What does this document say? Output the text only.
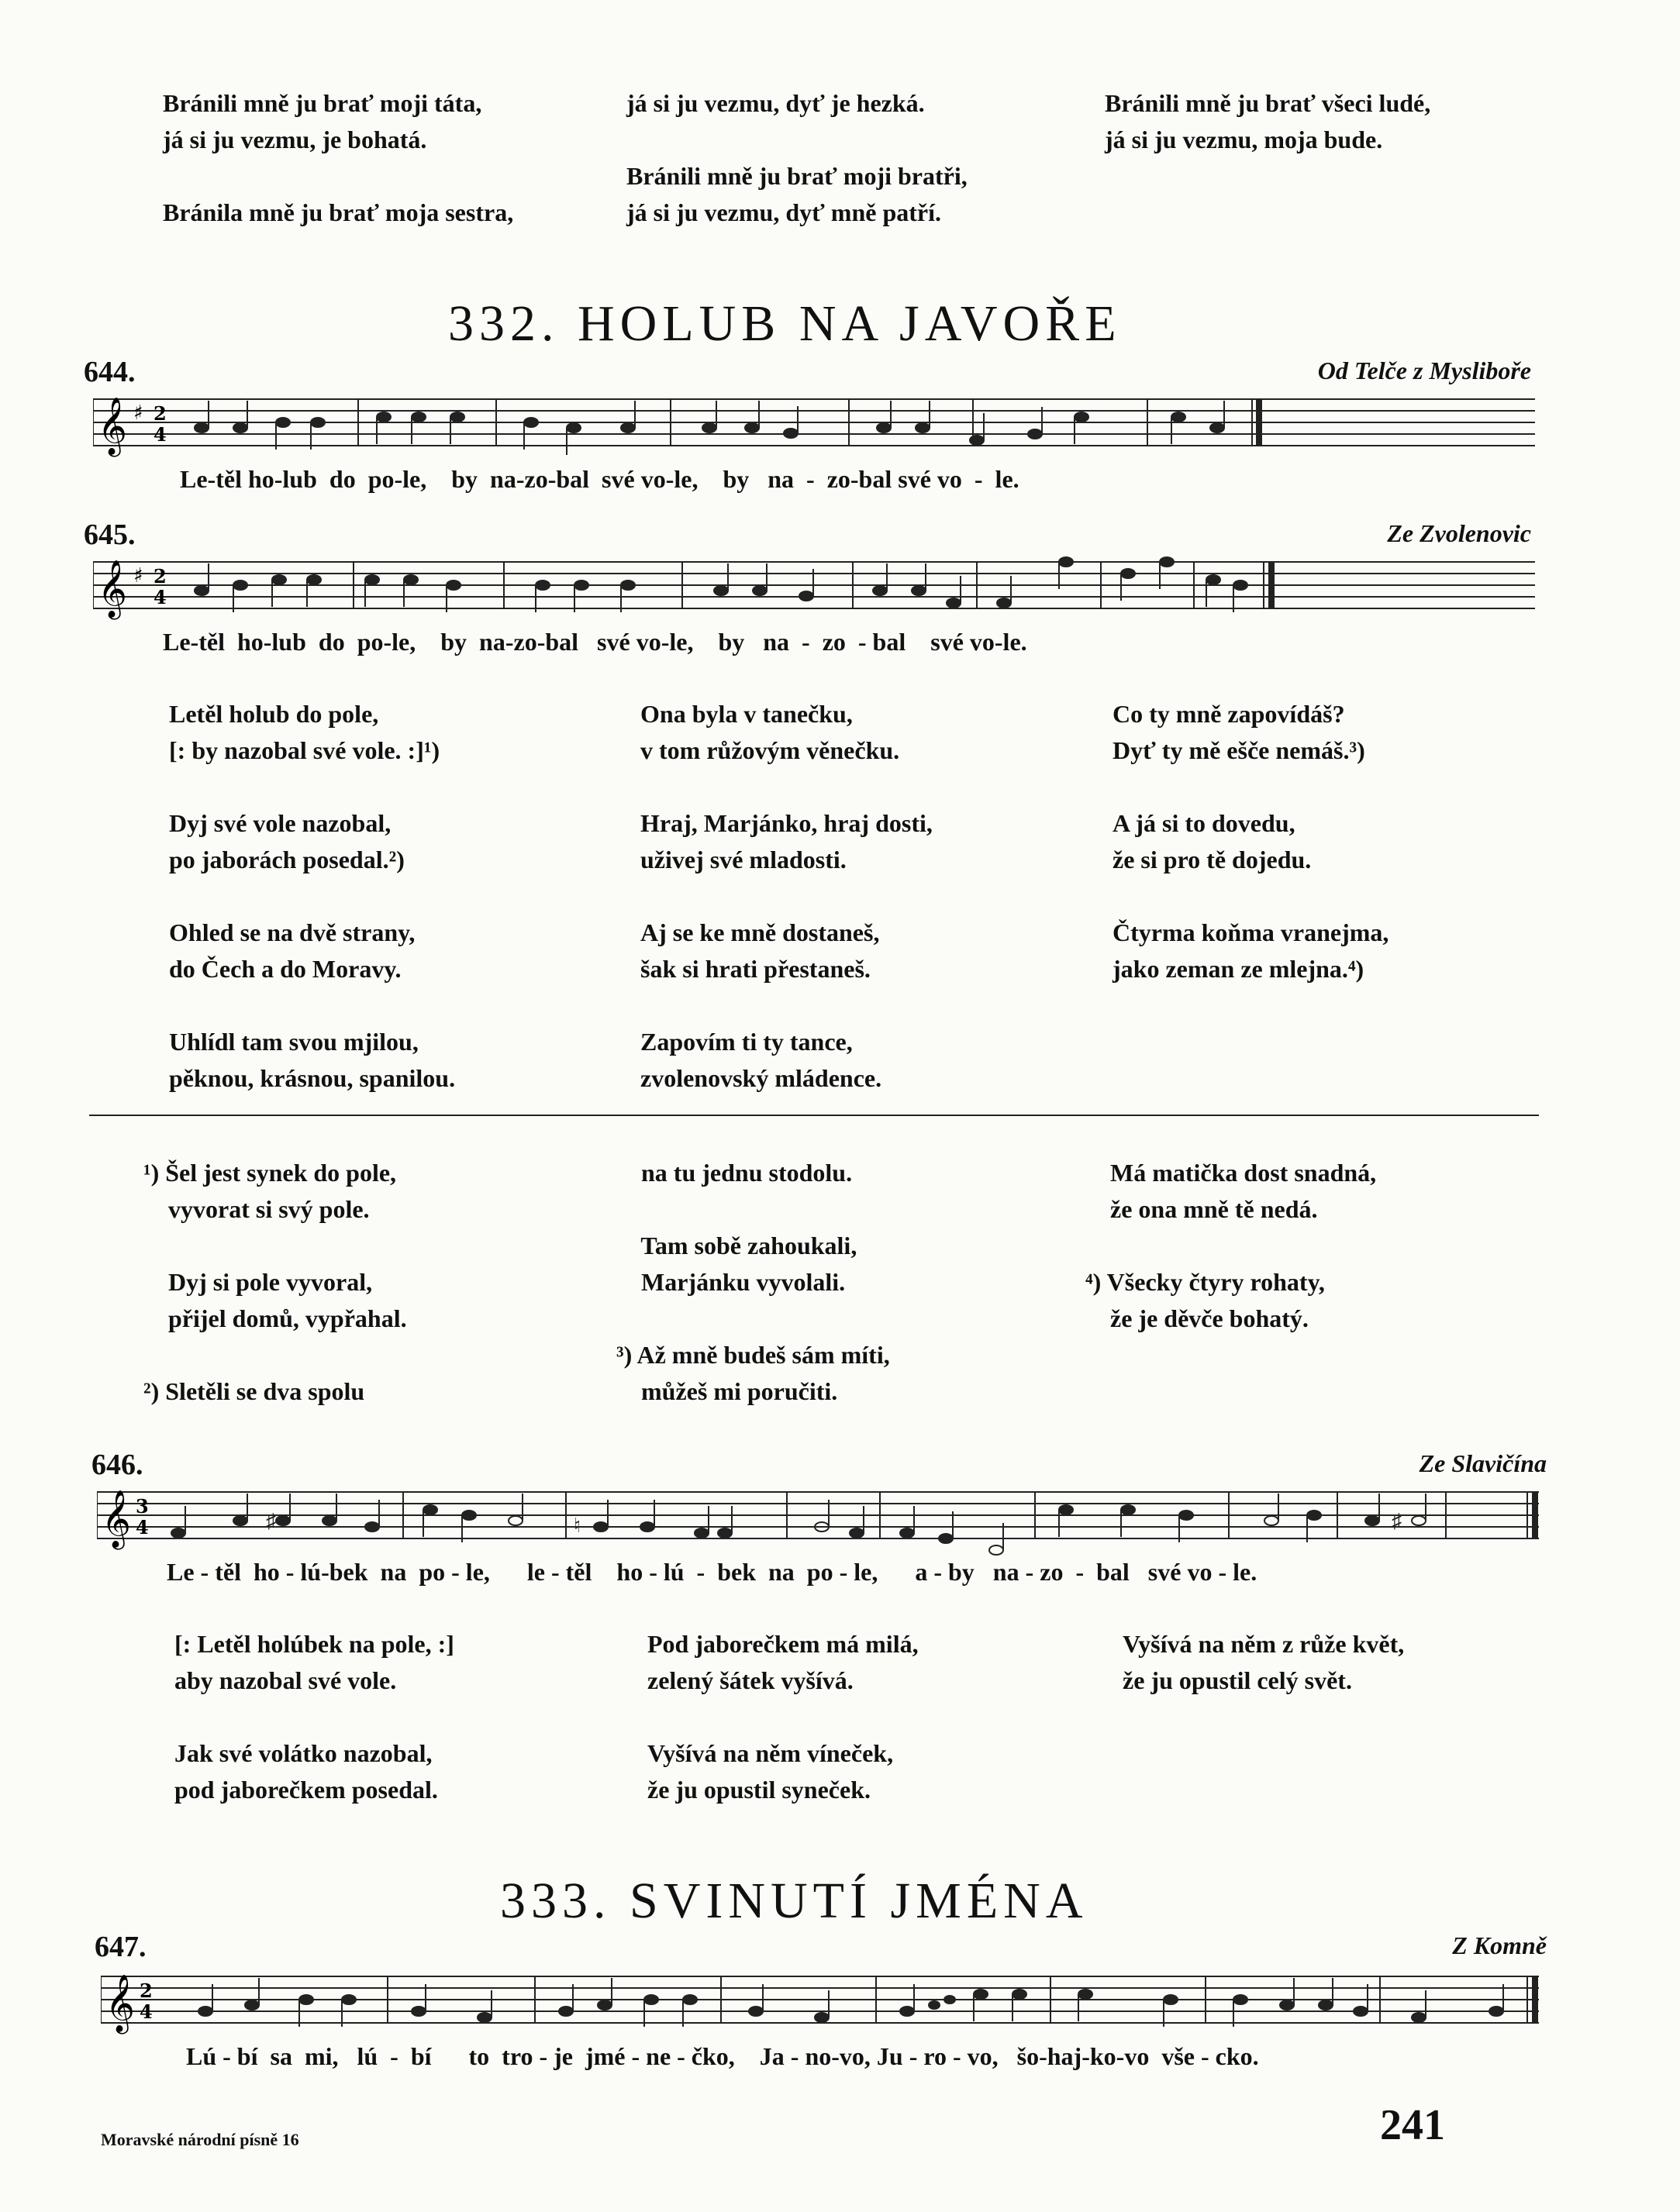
Bránili mně ju brať moji táta,
já si ju vezmu, je bohatá.

Bránila mně ju brať moja sestra,
já si ju vezmu, dyť je hezká.

Bránili mně ju brať moji bratři,
já si ju vezmu, dyť mně patří.
Bránili mně ju brať všeci ludé,
já si ju vezmu, moja bude.
332. HOLUB NA JAVOŘE
644.	Od Telče z Myslibořе
𝄞 ♯ 2
4
Le-těl ho-lub  do  po-le,    by  na-zo-bal  své vo-le,    by   na  -  zo-bal své vo  -  le.
645.	Ze Zvolenovic
𝄞 ♯ 2
4
Le-těl  ho-lub  do  po-le,    by  na-zo-bal   své vo-le,    by   na  -  zo  - bal    své vo-le.
Letěl holub do pole,
[: by nazobal své vole. :]¹)

Dyj své vole nazobal,
po jaborách posedal.²)

Ohled se na dvě strany,
do Čech a do Moravy.

Uhlídl tam svou mjilou,
pěknou, krásnou, spanilou.
Ona byla v tanečku,
v tom růžovým věnečku.

Hraj, Marjánko, hraj dosti,
uživej své mladosti.

Aj se ke mně dostaneš,
šak si hrati přestaneš.

Zapovím ti ty tance,
zvolenovský mládence.
Co ty mně zapovídáš?
Dyť ty mě ešče nemáš.³)

A já si to dovedu,
že si pro tě dojedu.

Čtyrma koňma vranejma,
jako zeman ze mlejna.⁴)
¹) Šel jest synek do pole,
vyvorat si svý pole.

Dyj si pole vyvoral,
přijel domů, vypřahal.

²) Sletěli se dva spolu
na tu jednu stodolu.

Tam sobě zahoukali,
Marjánku vyvolali.

³) Až mně budeš sám míti,
můžeš mi poručiti.
Má matička dost snadná,
že ona mně tě nedá.

⁴) Všecky čtyry rohaty,
že je děvče bohatý.
646.	Ze Slavičína
𝄞 3
4	♯	♮	♯
Le - těl  ho - lú-bek  na  po - le,      le - těl    ho - lú  -  bek  na  po - le,      a - by   na - zo  -  bal   své vo - le.
[: Letěl holúbek na pole, :]
aby nazobal své vole.

Jak své volátko nazobal,
pod jaborečkem posedal.
Pod jaborečkem má milá,
zelený šátek vyšívá.

Vyšívá na něm vínеček,
že ju opustil syneček.
Vyšívá na něm z růže květ,
že ju opustil celý svět.
333. SVINUTÍ JMÉNA
647.	Z Komně
𝄞 2
4
Lú - bí  sa  mi,   lú  -  bí      to  tro - je  jmé - ne - čko,    Ja - no-vo, Ju - ro - vo,   šo-haj-ko-vo  vše - cko.
Moravské národní písně 16	241
